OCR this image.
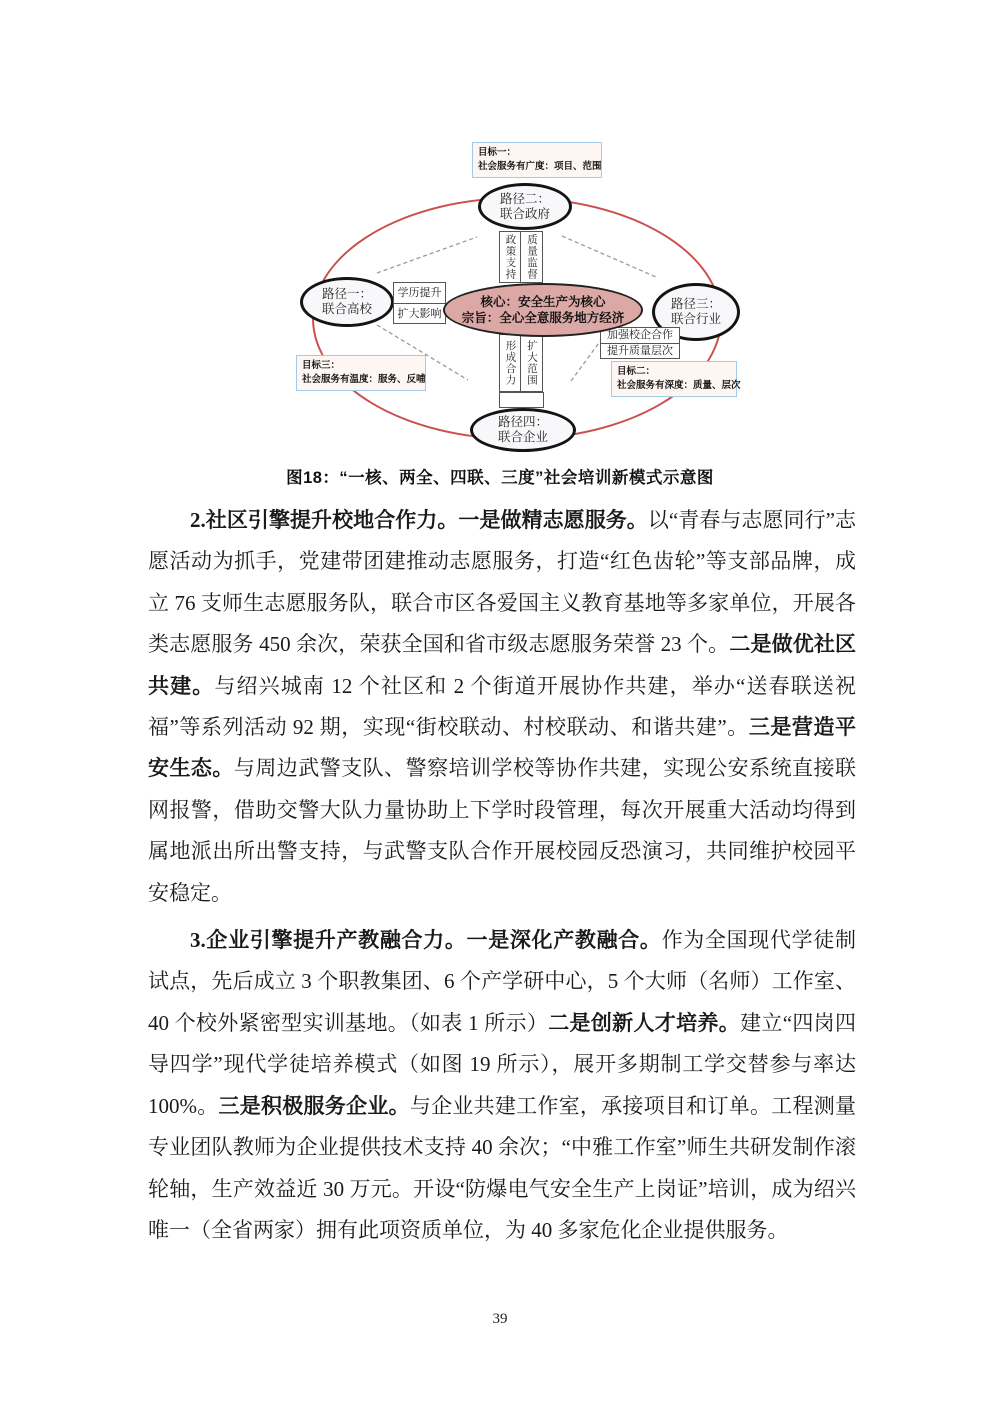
政策支持 质量监督
形成合力 扩大范围
核心：安全生产为核心
宗旨：全心全意服务地方经济
路径二：
联合政府
路径一：
联合高校	路径三：
联合行业
路径四：
联合企业
学历提升
扩大影响
加强校企合作
提升质量层次
目标一：
社会服务有广度：项目、范围
目标二：
社会服务有深度：质量、层次
目标三：
社会服务有温度：服务、反哺
图18：“一核、两全、四联、三度”社会培训新模式示意图

2.社区引擎提升校地合作力。一是做精志愿服务。以“青春与志愿同行”志愿活动为抓手，党建带团建推动志愿服务，打造“红色齿轮”等支部品牌，成立 76 支师生志愿服务队，联合市区各爱国主义教育基地等多家单位，开展各类志愿服务 450 余次，荣获全国和省市级志愿服务荣誉 23 个。二是做优社区共建。与绍兴城南 12 个社区和 2 个街道开展协作共建，举办“送春联送祝福”等系列活动 92 期，实现“街校联动、村校联动、和谐共建”。三是营造平安生态。与周边武警支队、警察培训学校等协作共建，实现公安系统直接联网报警，借助交警大队力量协助上下学时段管理，每次开展重大活动均得到属地派出所出警支持，与武警支队合作开展校园反恐演习，共同维护校园平安稳定。

3.企业引擎提升产教融合力。一是深化产教融合。作为全国现代学徒制试点，先后成立 3 个职教集团、6 个产学研中心，5 个大师（名师）工作室、40 个校外紧密型实训基地。（如表 1 所示）二是创新人才培养。建立“四岗四导四学”现代学徒培养模式（如图 19 所示），展开多期制工学交替参与率达 100%。三是积极服务企业。与企业共建工作室，承接项目和订单。工程测量专业团队教师为企业提供技术支持 40 余次；“中雅工作室”师生共研发制作滚轮轴，生产效益近 30 万元。开设“防爆电气安全生产上岗证”培训，成为绍兴唯一（全省两家）拥有此项资质单位，为 40 多家危化企业提供服务。

39
